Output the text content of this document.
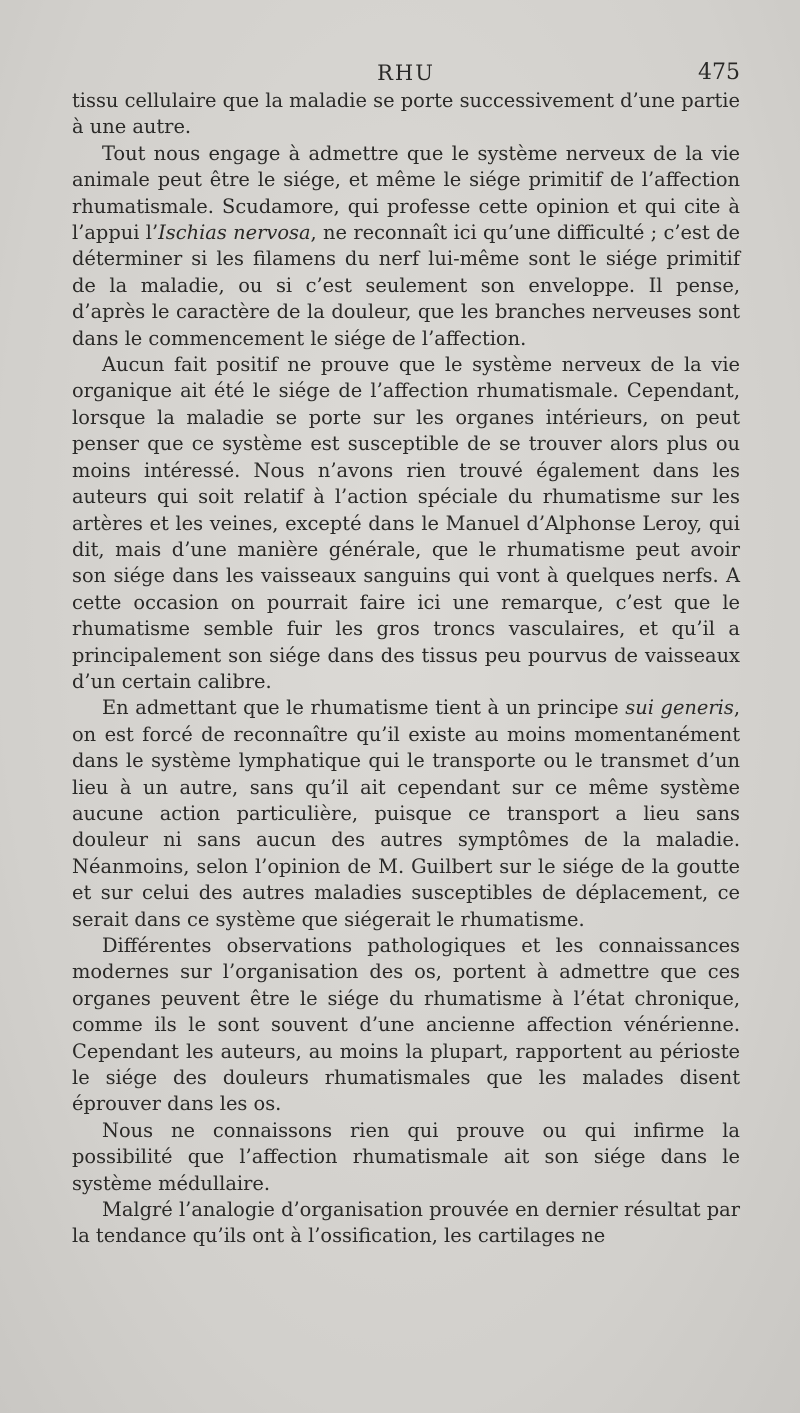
RHU	475

tissu cellulaire que la maladie se porte successivement d’une partie à une autre.

Tout nous engage à admettre que le système nerveux de la vie animale peut être le siége, et même le siége primitif de l’affection rhumatismale. Scudamore, qui professe cette opinion et qui cite à l’appui l’Ischias nervosa, ne reconnaît ici qu’une difficulté ; c’est de déterminer si les filamens du nerf lui-même sont le siége primitif de la maladie, ou si c’est seulement son enveloppe. Il pense, d’après le caractère de la douleur, que les branches nerveuses sont dans le commencement le siége de l’affection.

Aucun fait positif ne prouve que le système nerveux de la vie organique ait été le siége de l’affection rhumatismale. Cependant, lorsque la maladie se porte sur les organes intérieurs, on peut penser que ce système est susceptible de se trouver alors plus ou moins intéressé. Nous n’avons rien trouvé également dans les auteurs qui soit relatif à l’action spéciale du rhumatisme sur les artères et les veines, excepté dans le Manuel d’Alphonse Leroy, qui dit, mais d’une manière générale, que le rhumatisme peut avoir son siége dans les vaisseaux sanguins qui vont à quelques nerfs. A cette occasion on pourrait faire ici une remarque, c’est que le rhumatisme semble fuir les gros troncs vasculaires, et qu’il a principalement son siége dans des tissus peu pourvus de vaisseaux d’un certain calibre.

En admettant que le rhumatisme tient à un principe sui generis, on est forcé de reconnaître qu’il existe au moins momentanément dans le système lymphatique qui le transporte ou le transmet d’un lieu à un autre, sans qu’il ait cependant sur ce même système aucune action particulière, puisque ce transport a lieu sans douleur ni sans aucun des autres symptômes de la maladie. Néanmoins, selon l’opinion de M. Guilbert sur le siége de la goutte et sur celui des autres maladies susceptibles de déplacement, ce serait dans ce système que siégerait le rhumatisme.

Différentes observations pathologiques et les connaissances modernes sur l’organisation des os, portent à admettre que ces organes peuvent être le siége du rhumatisme à l’état chronique, comme ils le sont souvent d’une ancienne affection vénérienne. Cependant les auteurs, au moins la plupart, rapportent au périoste le siége des douleurs rhumatismales que les malades disent éprouver dans les os.

Nous ne connaissons rien qui prouve ou qui infirme la possibilité que l’affection rhumatismale ait son siége dans le système médullaire.

Malgré l’analogie d’organisation prouvée en dernier résultat par la tendance qu’ils ont à l’ossification, les cartilages ne
